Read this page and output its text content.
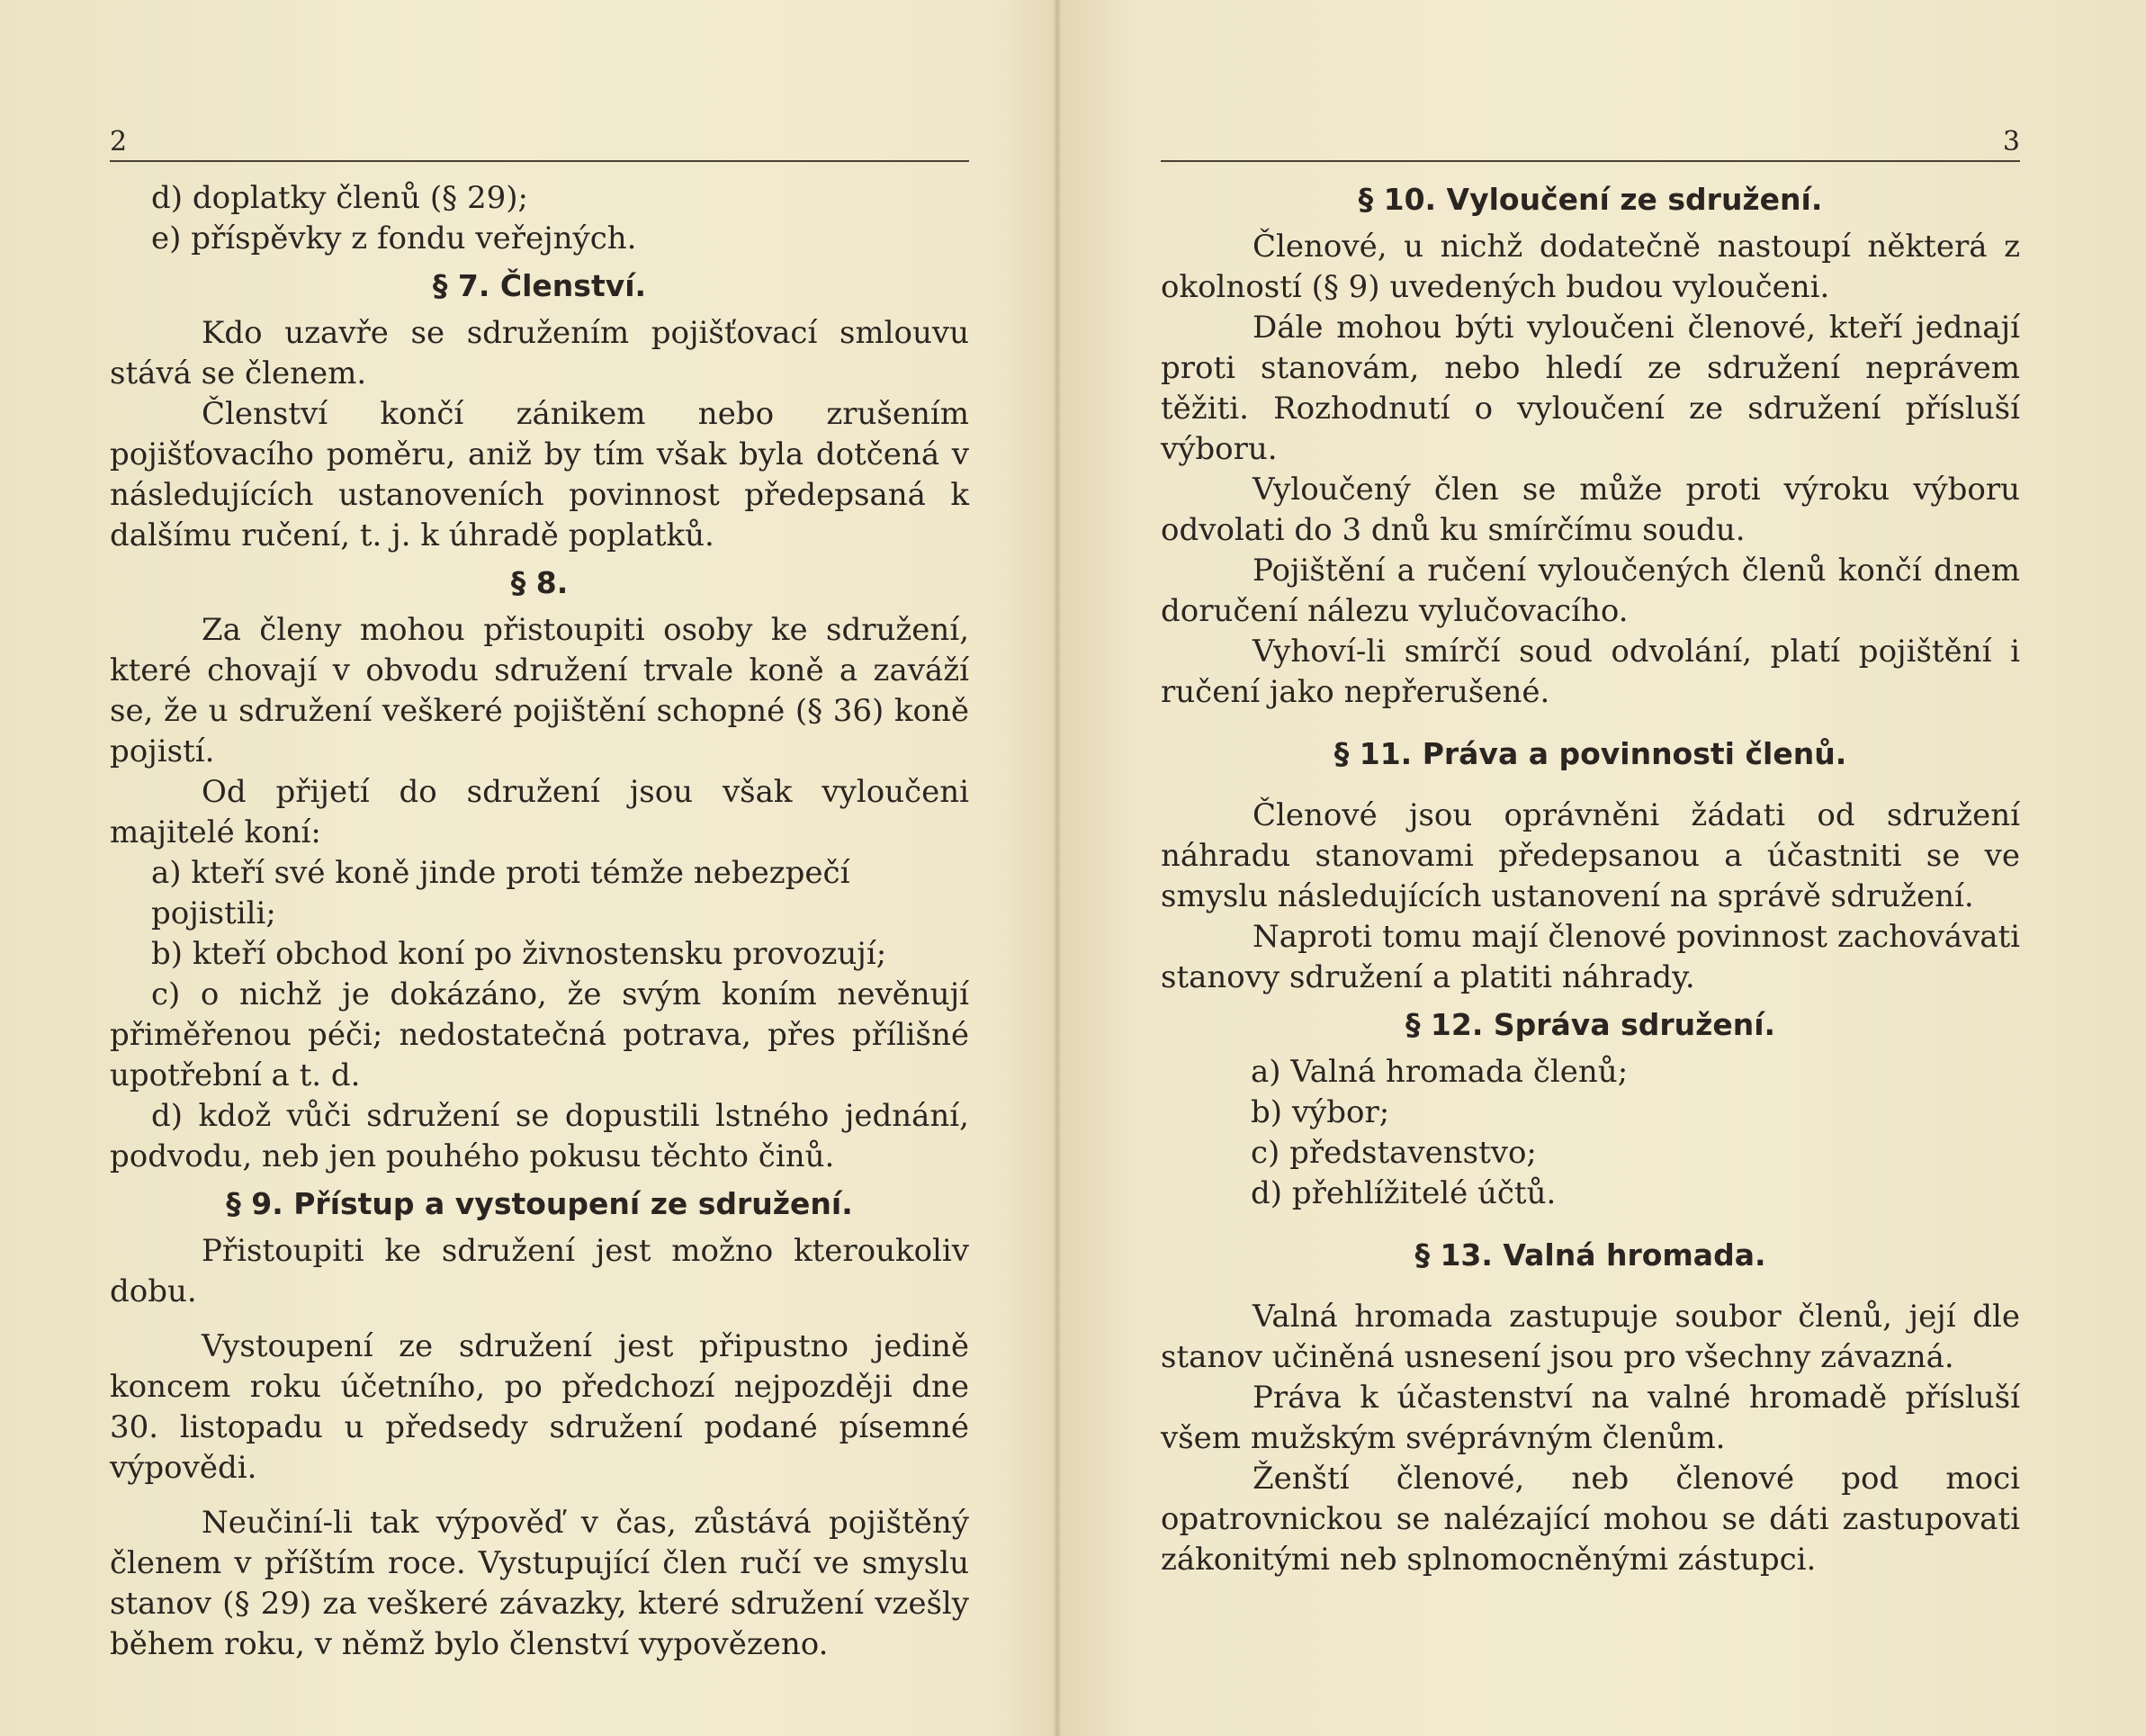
2

d) doplatky členů (§ 29);

e) příspěvky z fondu veřejných.

§ 7. Členství.

Kdo uzavře se sdružením pojišťovací smlouvu stává se členem.

Členství končí zánikem nebo zrušením pojišťovacího poměru, aniž by tím však byla dotčená v následujících ustanoveních povinnost předepsaná k dalšímu ručení, t. j. k úhradě poplatků.

§ 8.

Za členy mohou přistoupiti osoby ke sdružení, které chovají v obvodu sdružení trvale koně a zaváží se, že u sdružení veškeré pojištění schopné (§ 36) koně pojistí.

Od přijetí do sdružení jsou však vyloučeni majitelé koní:

a) kteří své koně jinde proti témže nebezpečí pojistili;

b) kteří obchod koní po živnostensku provozují;

c) o nichž je dokázáno, že svým koním nevěnují přiměřenou péči; nedostatečná potrava, přes přílišné upotřební a t. d.

d) kdož vůči sdružení se dopustili lstného jednání, podvodu, neb jen pouhého pokusu těchto činů.

§ 9. Přístup a vystoupení ze sdružení.

Přistoupiti ke sdružení jest možno kteroukoliv dobu.

Vystoupení ze sdružení jest připustno jedině koncem roku účetního, po předchozí nejpozději dne 30. listopadu u předsedy sdružení podané písemné výpovědi.

Neučiní-li tak výpověď v čas, zůstává pojištěný členem v příštím roce. Vystupující člen ručí ve smyslu stanov (§ 29) za veškeré závazky, které sdružení vzešly během roku, v němž bylo členství vypovězeno.

3
§ 10. Vyloučení ze sdružení.

Členové, u nichž dodatečně nastoupí některá z okolností (§ 9) uvedených budou vyloučeni.

Dále mohou býti vyloučeni členové, kteří jednají proti stanovám, nebo hledí ze sdružení neprávem těžiti. Rozhodnutí o vyloučení ze sdružení přísluší výboru.

Vyloučený člen se může proti výroku výboru odvolati do 3 dnů ku smírčímu soudu.

Pojištění a ručení vyloučených členů končí dnem doručení nálezu vylučovacího.

Vyhoví-li smírčí soud odvolání, platí pojištění i ručení jako nepřerušené.

§ 11. Práva a povinnosti členů.

Členové jsou oprávněni žádati od sdružení náhradu stanovami předepsanou a účastniti se ve smyslu následujících ustanovení na správě sdružení.

Naproti tomu mají členové povinnost zachovávati stanovy sdružení a platiti náhrady.

§ 12. Správa sdružení.

a) Valná hromada členů;

b) výbor;

c) představenstvo;

d) přehlížitelé účtů.

§ 13. Valná hromada.

Valná hromada zastupuje soubor členů, její dle stanov učiněná usnesení jsou pro všechny závazná.

Práva k účastenství na valné hromadě přísluší všem mužským svéprávným členům.

Ženští členové, neb členové pod moci opatrovnickou se nalézající mohou se dáti zastupovati zákonitými neb splnomocněnými zástupci.
